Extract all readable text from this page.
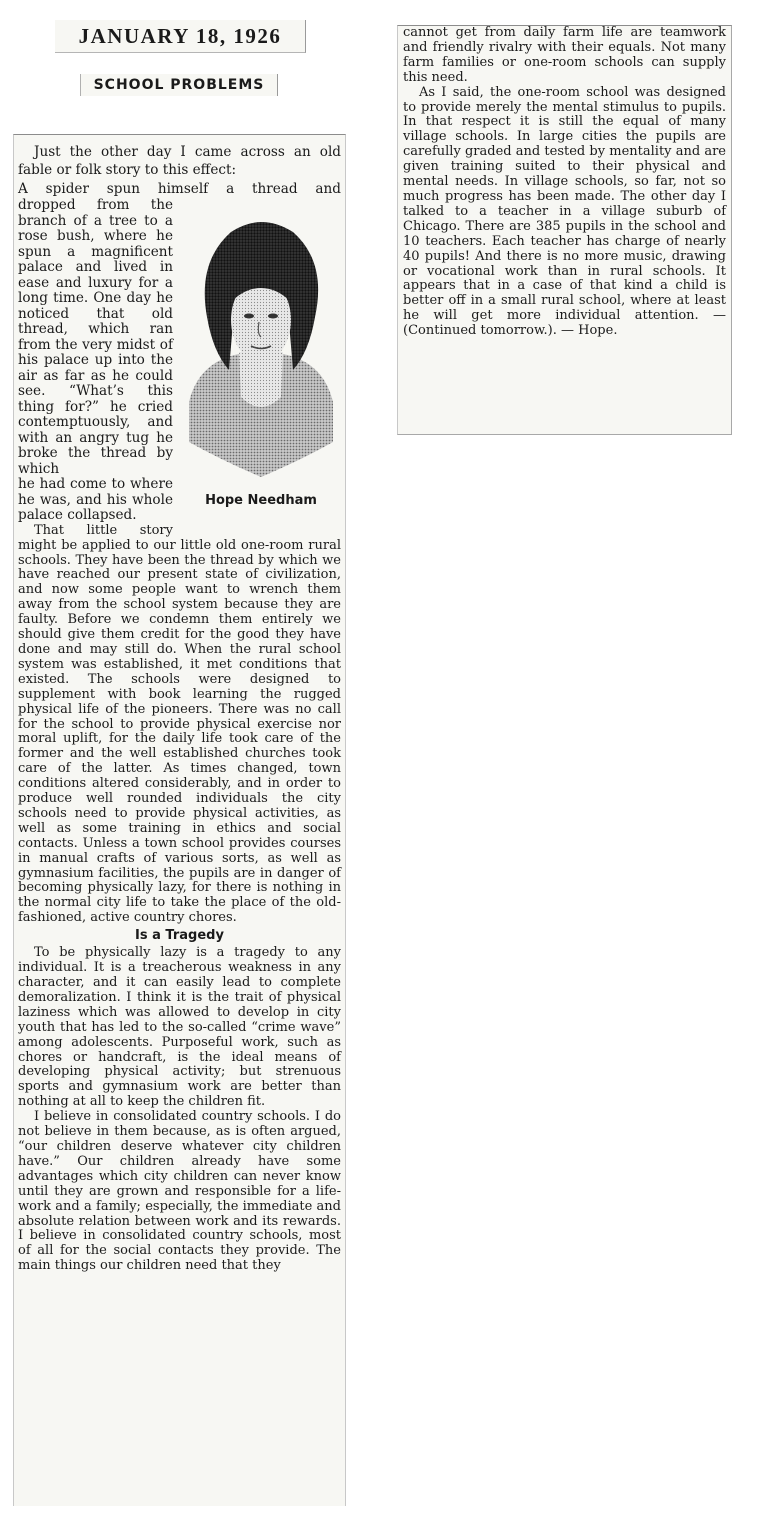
JANUARY 18, 1926

SCHOOL PROBLEMS

Just the other day I came across an old fable or folk story to this effect:

A spider spun himself a thread and

Hope Needham

dropped from the branch of a tree to a rose bush, where he spun a magnificent palace and lived in ease and luxury for a long time. One day he noticed that old thread, which ran from the very midst of his palace up into the air as far as he could see. “What’s this thing for?” he cried contemptuously, and with an angry tug he broke the thread by which

he had come to where he was, and his whole palace collapsed.

That little story might be applied to our little old one-room rural schools. They have been the thread by which we have reached our present state of civilization, and now some people want to wrench them away from the school system because they are faulty. Before we condemn them entirely we should give them credit for the good they have done and may still do. When the rural school system was established, it met conditions that existed. The schools were designed to supplement with book learning the rugged physical life of the pioneers. There was no call for the school to provide physical exercise nor moral uplift, for the daily life took care of the former and the well established churches took care of the latter. As times changed, town conditions altered considerably, and in order to produce well rounded individuals the city schools need to provide physical activities, as well as some training in ethics and social contacts. Unless a town school provides courses in manual crafts of various sorts, as well as gymnasium facilities, the pupils are in danger of becoming physically lazy, for there is nothing in the normal city life to take the place of the old-fashioned, active country chores.

Is a Tragedy

To be physically lazy is a tragedy to any individual. It is a treacherous weakness in any character, and it can easily lead to complete demoralization. I think it is the trait of physical laziness which was allowed to develop in city youth that has led to the so-called “crime wave” among adolescents. Purposeful work, such as chores or handcraft, is the ideal means of developing physical activity; but strenuous sports and gymnasium work are better than nothing at all to keep the children fit.

I believe in consolidated country schools. I do not believe in them because, as is often argued, “our children deserve whatever city children have.” Our children already have some advantages which city children can never know until they are grown and responsible for a life-work and a family; especially, the immediate and absolute relation between work and its rewards. I believe in consolidated country schools, most of all for the social contacts they provide. The main things our children need that they

cannot get from daily farm life are teamwork and friendly rivalry with their equals. Not many farm families or one-room schools can supply this need.

As I said, the one-room school was designed to provide merely the mental stimulus to pupils. In that respect it is still the equal of many village schools. In large cities the pupils are carefully graded and tested by mentality and are given training suited to their physical and mental needs. In village schools, so far, not so much progress has been made. The other day I talked to a teacher in a village suburb of Chicago. There are 385 pupils in the school and 10 teachers. Each teacher has charge of nearly 40 pupils! And there is no more music, drawing or vocational work than in rural schools. It appears that in a case of that kind a child is better off in a small rural school, where at least he will get more individual attention. — (Continued tomorrow.). — Hope.
